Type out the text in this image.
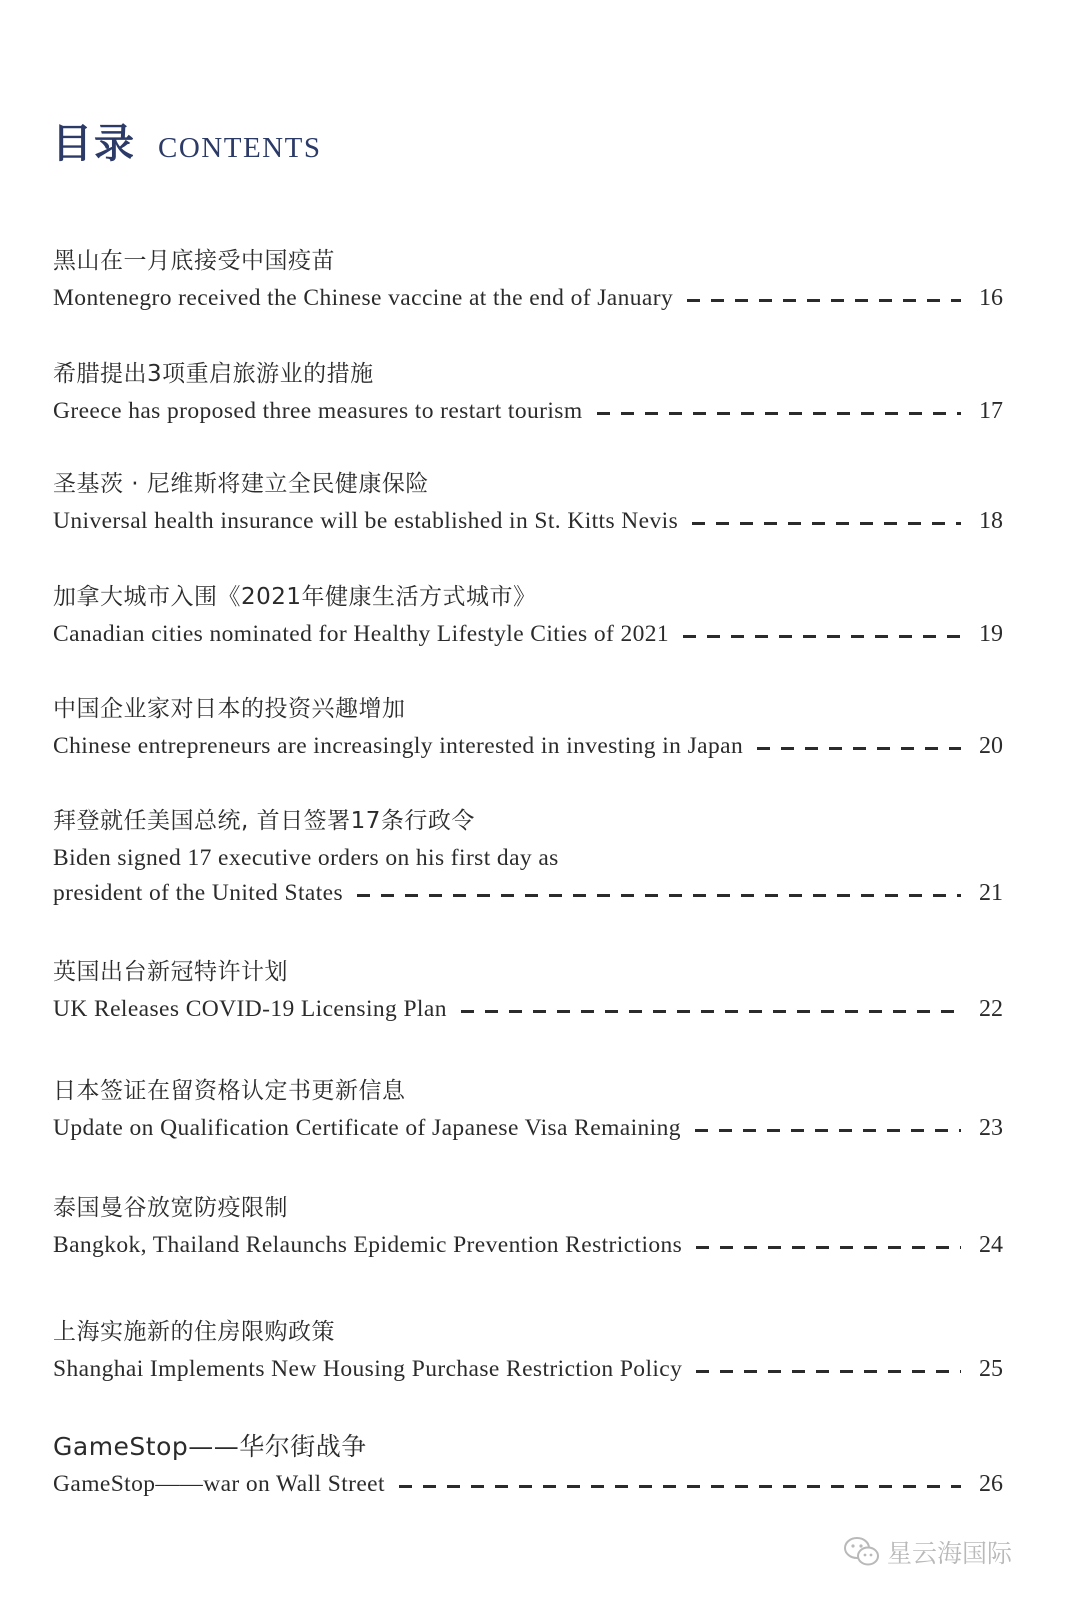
目录 CONTENTS
黑山在一月底接受中国疫苗
Montenegro received the Chinese vaccine at the end of January	16
希腊提出3项重启旅游业的措施
Greece has proposed three measures to restart tourism	17
圣基茨 · 尼维斯将建立全民健康保险
Universal health insurance will be established in St. Kitts Nevis	18
加拿大城市入围《2021年健康生活方式城市》
Canadian cities nominated for Healthy Lifestyle Cities of 2021	19
中国企业家对日本的投资兴趣增加
Chinese entrepreneurs are increasingly interested in investing in Japan	20
拜登就任美国总统, 首日签署17条行政令
Biden signed 17 executive orders on his first day as
president of the United States	21
英国出台新冠特许计划
UK Releases COVID-19 Licensing Plan	22
日本签证在留资格认定书更新信息
Update on Qualification Certificate of Japanese Visa Remaining	23
泰国曼谷放宽防疫限制
Bangkok, Thailand Relaunchs Epidemic Prevention Restrictions	24
上海实施新的住房限购政策
Shanghai Implements New Housing Purchase Restriction Policy	25
GameStop——华尔街战争
GameStop——war on Wall Street	26
星云海国际
